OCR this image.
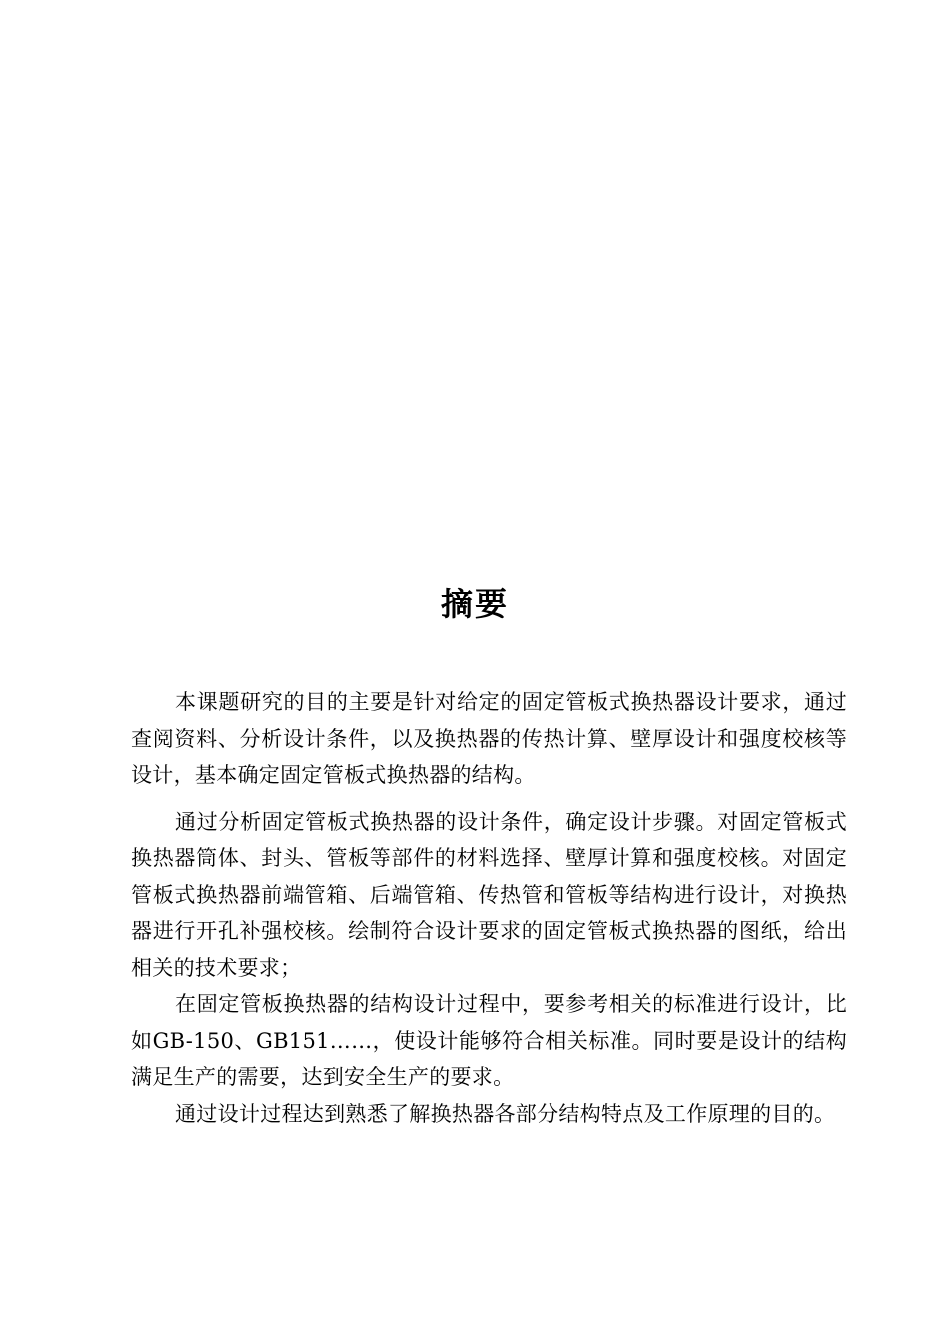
摘要

本课题研究的目的主要是针对给定的固定管板式换热器设计要求，通过查阅资料、分析设计条件，以及换热器的传热计算、壁厚设计和强度校核等设计，基本确定固定管板式换热器的结构。

通过分析固定管板式换热器的设计条件，确定设计步骤。对固定管板式换热器筒体、封头、管板等部件的材料选择、壁厚计算和强度校核。对固定管板式换热器前端管箱、后端管箱、传热管和管板等结构进行设计，对换热器进行开孔补强校核。绘制符合设计要求的固定管板式换热器的图纸，给出相关的技术要求；

在固定管板换热器的结构设计过程中，要参考相关的标准进行设计，比如GB-150、GB151……，使设计能够符合相关标准。同时要是设计的结构满足生产的需要，达到安全生产的要求。

通过设计过程达到熟悉了解换热器各部分结构特点及工作原理的目的。
